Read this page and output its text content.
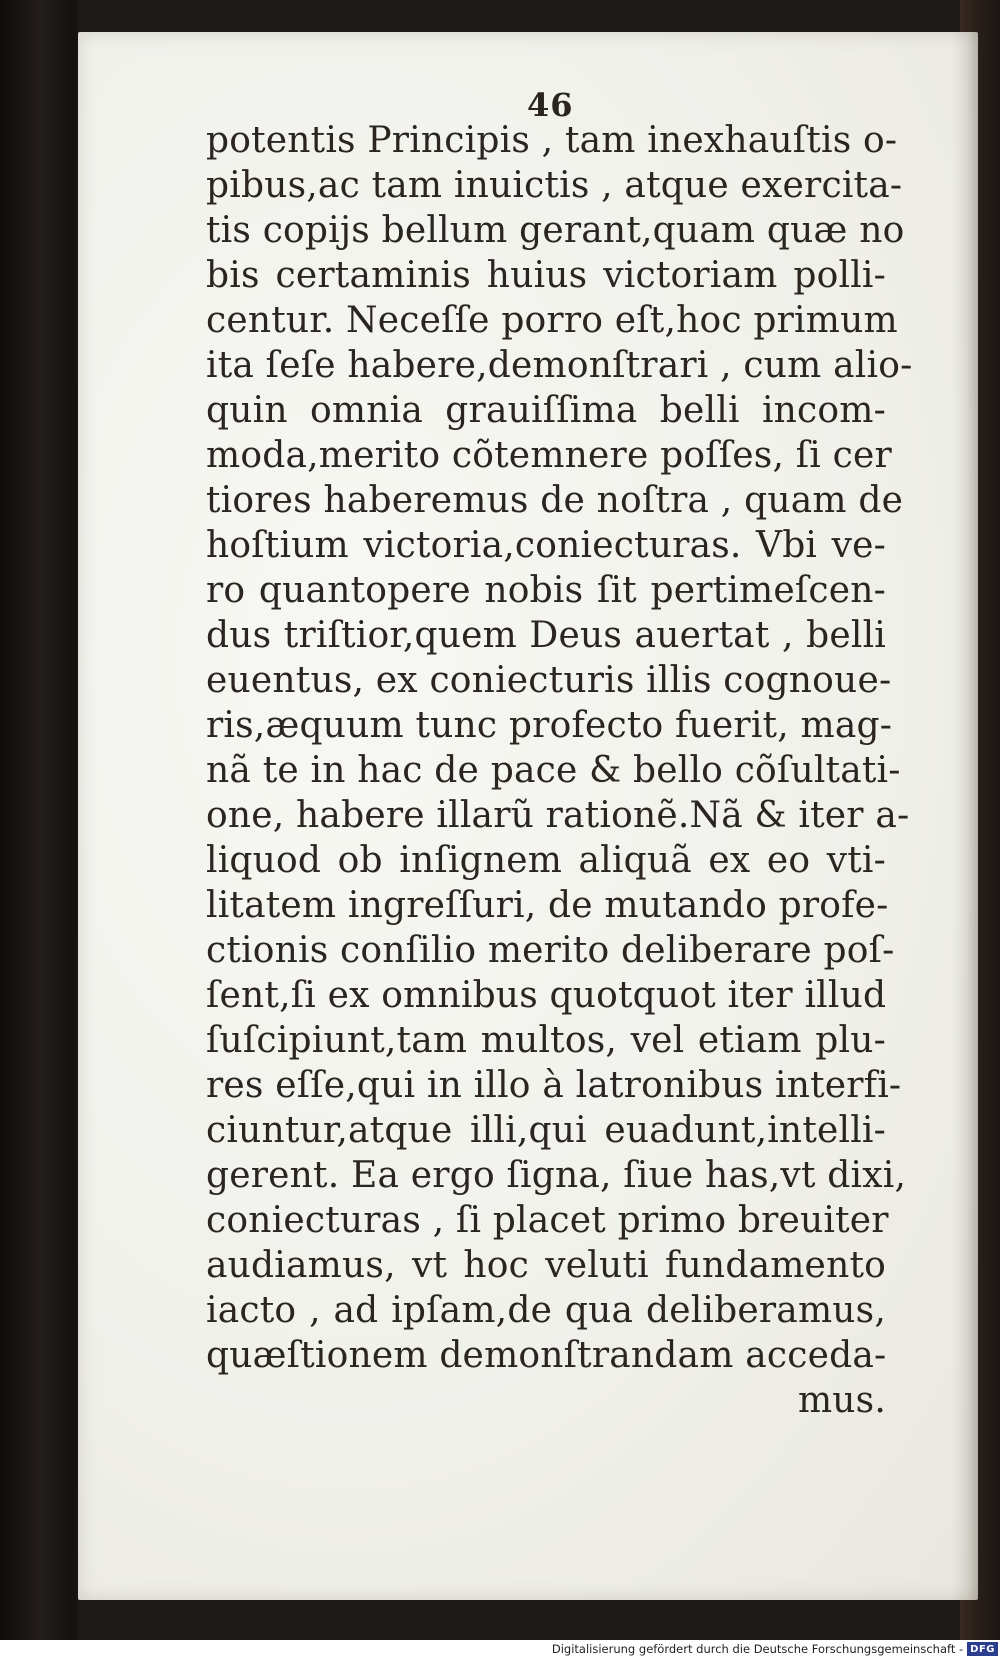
46
potentis Principis , tam inexhauſtis o-
pibus,ac tam inuictis , atque exercita-
tis copijs bellum gerant,quam quæ no
bis certaminis huius victoriam polli-
centur. Neceſſe porro eſt,hoc primum
ita ſeſe habere,demonſtrari , cum alio-
quin omnia grauiſſima belli incom-
moda,merito cõtemnere poſſes, ſi cer
tiores haberemus de noſtra , quam de
hoſtium victoria,coniecturas. Vbi ve-
ro quantopere nobis ſit pertimeſcen-
dus triſtior,quem Deus auertat , belli
euentus, ex coniecturis illis cognoue-
ris,æquum tunc profecto fuerit, mag-
nã te in hac de pace & bello cõſultati-
one, habere illarũ rationẽ.Nã & iter a-
liquod ob inſignem aliquã ex eo vti-
litatem ingreſſuri, de mutando profe-
ctionis conſilio merito deliberare poſ-
ſent,ſi ex omnibus quotquot iter illud
ſuſcipiunt,tam multos, vel etiam plu-
res eſſe,qui in illo à latronibus interfi-
ciuntur,atque illi,qui euadunt,intelli-
gerent. Ea ergo ſigna, ſiue has,vt dixi,
coniecturas , ſi placet primo breuiter
audiamus, vt hoc veluti fundamento
iacto , ad ipſam,de qua deliberamus,
quæſtionem demonſtrandam acceda-
mus.
Digitalisierung gefördert durch die Deutsche Forschungsgemeinschaft - DFG
